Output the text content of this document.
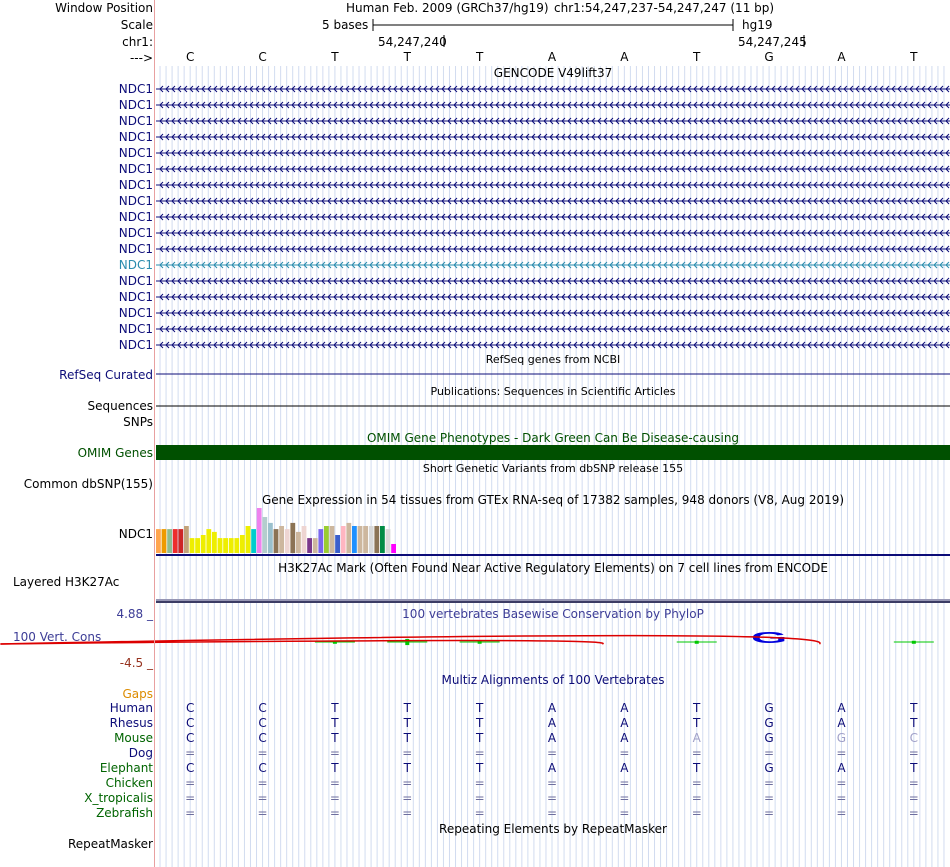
G
Window Position
Scale
chr1:
--->
Human Feb. 2009 (GRCh37/hg19) chr1:54,247,237-54,247,247 (11 bp)
5 bases	hg19
54,247,240	54,247,245
GENCODE V49lift37
RefSeq genes from NCBI
RefSeq Curated
Publications: Sequences in Scientific Articles
Sequences
SNPs
OMIM Gene Phenotypes - Dark Green Can Be Disease-causing
OMIM Genes
Short Genetic Variants from dbSNP release 155
Common dbSNP(155)
Gene Expression in 54 tissues from GTEx RNA-seq of 17382 samples, 948 donors (V8, Aug 2019)
NDC1
H3K27Ac Mark (Often Found Near Active Regulatory Elements) on 7 cell lines from ENCODE
Layered H3K27Ac
100 vertebrates Basewise Conservation by PhyloP
4.88 _
100 Vert. Cons
-4.5 _
Multiz Alignments of 100 Vertebrates
Gaps
Repeating Elements by RepeatMasker
RepeatMasker
C	C	T	T	T	A	A	T	G	A	T
NDC1
NDC1
NDC1
NDC1
NDC1
NDC1
NDC1
NDC1
NDC1
NDC1
NDC1
NDC1
NDC1
NDC1
NDC1
NDC1
NDC1
Human	C	C	T	T	T	A	A	T	G	A	T
Rhesus	C	C	T	T	T	A	A	T	G	A	T
Mouse	C	C	T	T	T	A	A	A	G	G	C
Dog	=	=	=	=	=	=	=	=	=	=	=
Elephant	C	C	T	T	T	A	A	T	G	A	T
Chicken	=	=	=	=	=	=	=	=	=	=	=
X_tropicalis	=	=	=	=	=	=	=	=	=	=	=
Zebrafish	=	=	=	=	=	=	=	=	=	=	=
